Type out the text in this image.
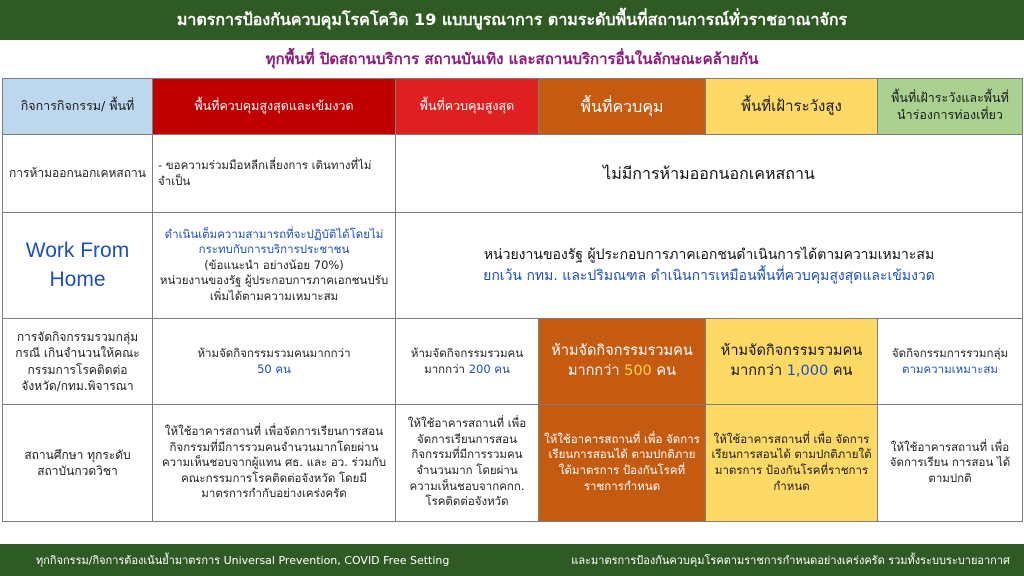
มาตรการป้องกันควบคุมโรคโควิด 19 แบบบูรณาการ ตามระดับพื้นที่สถานการณ์ทั่วราชอาณาจักร
ทุกพื้นที่ ปิดสถานบริการ สถานบันเทิง และสถานบริการอื่นในลักษณะคล้ายกัน
กิจการกิจกรรม/ พื้นที่	พื้นที่ควบคุมสูงสุดและเข้มงวด	พื้นที่ควบคุมสูงสุด	พื้นที่ควบคุม	พื้นที่เฝ้าระวังสูง	พื้นที่เฝ้าระวังและพื้นที่นำร่องการท่องเที่ยว
การห้ามออกนอกเคหสถาน	- ขอความร่วมมือหลีกเลี่ยงการ เดินทางที่ไม่จำเป็น	ไม่มีการห้ามออกนอกเคหสถาน			
Work From Home	ดำเนินเต็มความสามารถที่จะปฏิบัติได้โดยไม่กระทบกับการบริการประชาชน
(ข้อแนะนำ อย่างน้อย 70%)
หน่วยงานของรัฐ ผู้ประกอบการภาคเอกชนปรับเพิ่มได้ตามความเหมาะสม	หน่วยงานของรัฐ ผู้ประกอบการภาคเอกชนดำเนินการได้ตามความเหมาะสม
ยกเว้น กทม. และปริมณฑล ดำเนินการเหมือนพื้นที่ควบคุมสูงสุดและเข้มงวด			

การจัดกิจกรรมรวมกลุ่ม กรณี เกินจำนวนให้คณะกรรมการโรคติดต่อจังหวัด/กทม.พิจารณา	ห้ามจัดกิจกรรมรวมคนมากกว่า
50 คน	ห้ามจัดกิจกรรมรวมคน มากกว่า 200 คน	ห้ามจัดกิจกรรมรวมคน มากกว่า 500 คน	ห้ามจัดกิจกรรมรวมคน มากกว่า 1,000 คน	จัดกิจกรรมการรวมกลุ่ม
ตามความเหมาะสม

สถานศึกษา ทุกระดับ สถาบันกวดวิชา	ให้ใช้อาคารสถานที่ เพื่อจัดการเรียนการสอน กิจกรรมที่มีการรวมคนจำนวนมากโดยผ่านความเห็นชอบจากผู้แทน ศธ. และ อว. ร่วมกับคณะกรรมการโรคติดต่อจังหวัด โดยมีมาตรการกำกับอย่างเคร่งครัด	ให้ใช้อาคารสถานที่ เพื่อจัดการเรียนการสอน กิจกรรมที่มีการรวมคน จำนวนมาก โดยผ่าน ความเห็นชอบจากคกก. โรคติดต่อจังหวัด	ให้ใช้อาคารสถานที่ เพื่อ จัดการเรียนการสอนได้ ตามปกติภายใต้มาตรการ ป้องกันโรคที่ราชการกำหนด	ให้ใช้อาคารสถานที่ เพื่อ จัดการเรียนการสอนได้ ตามปกติภายใต้มาตรการ ป้องกันโรคที่ราชการกำหนด	ให้ใช้อาคารสถานที่ เพื่อ จัดการเรียน การสอน ได้ตามปกติ
ทุกกิจกรรม/กิจการต้องเน้นย้ำมาตรการ Universal Prevention, COVID Free Setting	และมาตรการป้องกันควบคุมโรคตามราชการกำหนดอย่างเคร่งครัด รวมทั้งระบบระบายอากาศ
